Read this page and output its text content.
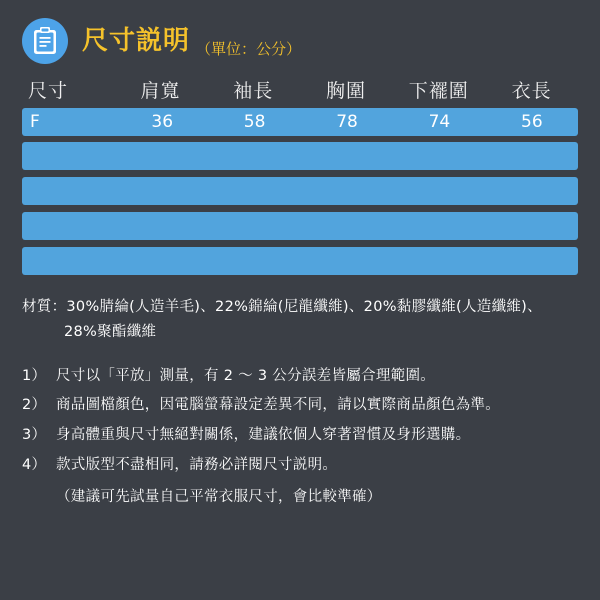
尺寸説明 （單位：公分）
尺寸	肩寬	袖長	胸圍	下襬圍	衣長
F	36	58	78	74	56
材質：30%腈綸(人造羊毛)、22%錦綸(尼龍纖維)、20%黏膠纖維(人造纖維)、
28%聚酯纖維
1） 尺寸以「平放」測量，有 2 ～ 3 公分誤差皆屬合理範圍。
2） 商品圖檔顏色，因電腦螢幕設定差異不同，請以實際商品顏色為準。
3） 身高體重與尺寸無絕對關係，建議依個人穿著習慣及身形選購。
4） 款式版型不盡相同，請務必詳閱尺寸説明。
（建議可先試量自己平常衣服尺寸，會比較準確）
